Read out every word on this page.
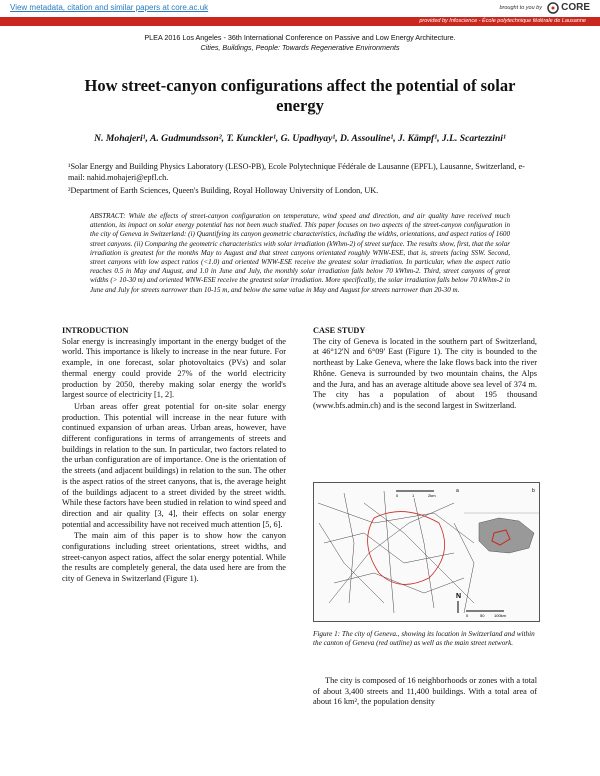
View metadata, citation and similar papers at core.ac.uk	brought to you by CORE
provided by Infoscience - École polytechnique fédérale de Lausanne
PLEA 2016 Los Angeles - 36th International Conference on Passive and Low Energy Architecture.
Cities, Buildings, People: Towards Regenerative Environments
How street-canyon configurations affect the potential of solar energy
N. Mohajeri¹, A. Gudmundsson², T. Kunckler¹, G. Upadhyay¹, D. Assouline¹, J. Kämpf¹, J.L. Scartezzini¹
¹Solar Energy and Building Physics Laboratory (LESO-PB), Ecole Polytechnique Fédérale de Lausanne (EPFL), Lausanne, Switzerland, e-mail: nahid.mohajeri@epfl.ch.
²Department of Earth Sciences, Queen's Building, Royal Holloway University of London, UK.
ABSTRACT: While the effects of street-canyon configuration on temperature, wind speed and direction, and air quality have received much attention, its impact on solar energy potential has not been much studied. This paper focuses on two aspects of the street-canyon configuration in the city of Geneva in Switzerland: (i) Quantifying its canyon geometric characteristics, including the widths, orientations, and aspect ratios of 1600 street canyons. (ii) Comparing the geometric characteristics with solar irradiation (kWhm-2) of street surface. The results show, first, that the solar irradiation is greatest for the months May to August and that street canyons orientated roughly WNW-ESE, that is, streets facing SSW. Second, street canyons with low aspect ratios (<1.0) and oriented WNW-ESE receive the greatest solar irradiation. In particular, when the aspect ratio reaches 0.5 in May and August, and 1.0 in June and July, the monthly solar irradiation falls below 70 kWhm-2. Third, street canyons of great widths (> 10-30 m) and oriented WNW-ESE receive the greatest solar irradiation. More specifically, the solar irradiation falls below 70 kWhm-2 in June and July for streets narrower than 10-15 m, and below the same value in May and August for streets narrower than 20-30 m.
INTRODUCTION

Solar energy is increasingly important in the energy budget of the world. This importance is likely to increase in the near future. For example, in one forecast, solar photovoltaics (PVs) and solar thermal energy could provide 27% of the world electricity production by 2050, thereby making solar energy the world's largest source of electricity [1, 2].

Urban areas offer great potential for on-site solar energy production. This potential will increase in the near future with continued expansion of urban areas. Urban areas, however, have different configurations in terms of arrangements of streets and buildings in relation to the sun. In particular, two factors related to the urban configuration are of importance. One is the orientation of the streets (and adjacent buildings) in relation to the sun. The other is the aspect ratios of the street canyons, that is, the average height of the buildings adjacent to a street divided by the street width. While these factors have been studied in relation to wind speed and direction and air quality [3, 4], their effects on solar energy potential and accessibility have not received much attention [5, 6].

The main aim of this paper is to show how the canyon configurations including street orientations, street widths, and street-canyon aspect ratios, affect the solar energy potential. While the results are completely general, the data used here are from the city of Geneva in Switzerland (Figure 1).

CASE STUDY

The city of Geneva is located in the southern part of Switzerland, at 46°12'N and 6°09' East (Figure 1). The city is bounded to the northeast by Lake Geneva, where the lake flows back into the river Rhône. Geneva is surrounded by two mountain chains, the Alps and the Jura, and has an average altitude above sea level of 374 m. The city has a population of about 195 thousand (www.bfs.admin.ch) and is the second largest in Switzerland.

0	1	2km
a	b
N
0	50 100km
Figure 1: The city of Geneva., showing its location in Switzerland and within the canton of Geneva (red outline) as well as the main street network.
The city is composed of 16 neighborhoods or zones with a total of about 3,400 streets and 11,400 buildings. With a total area of about 16 km², the population density
